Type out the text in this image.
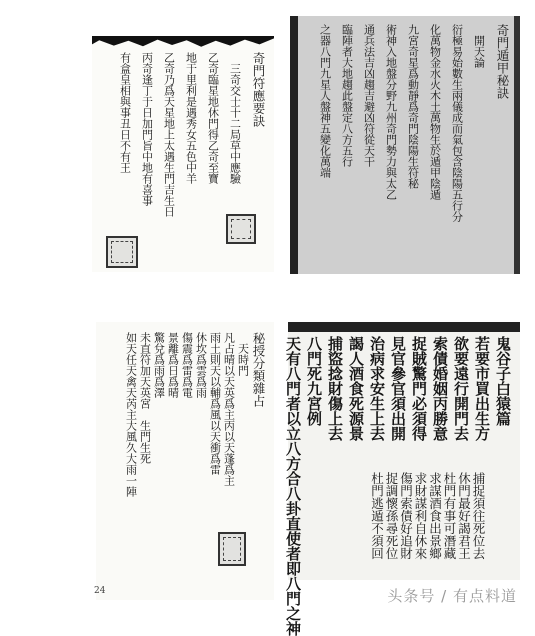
奇門符應要訣
　三奇交士十二局草中應驗
乙奇臨星地休門得乙奇至寶
地于里利是遇秀女五色中羊
乙奇乃爲天星地上太遇生門吉生日
丙奇逢丁于日加門旨中地有喜事
有盒皇相與事丑日不有王	奇門遁甲秘訣
　開天論
衍極易始數生兩儀成而氣包含陰陽五行分
化萬物金水火木土萬物生於遁甲陰遁
九宮奇星爲動靜爲奇門陰陽生符秘
術神入地盤分野九州奇門勢力與太乙
通兵法吉凶趨吉避凶符從天干
臨陣者大地趨此盤定八方五行
之器八門九星人盤神五變化萬端
秘授分類雜占
　天時門
凡占晴以天英爲主丙以天蓬爲主
雨土則天以輔爲風以天衝爲雷
休坎爲雲爲雨
傷震爲雷爲電
景離爲日爲晴
驚兌爲雨爲澤
未直符加天英宮　生門生死
如天任天禽天芮主大風久大雨一陣
24
鬼谷子白猿篇
若要市買出生方
欲要遠行開門去
索債婚姻丙勝意
捉賊驚門必須得
見官參官須出開
治病求安生上去
謁人酒食死源景
捕盜捻財傷上去
八門死九宮例
天有八門者以立八方合八卦直使者即八門之神	捕捉須往死位去
休門最好謁君王
杜門有事可潛藏
求謀酒食出景鄉
求財謀利自休來
傷門索債好追財
捉調懷孫尋死位
杜門逃遁不須回
头条号 / 有点料道
